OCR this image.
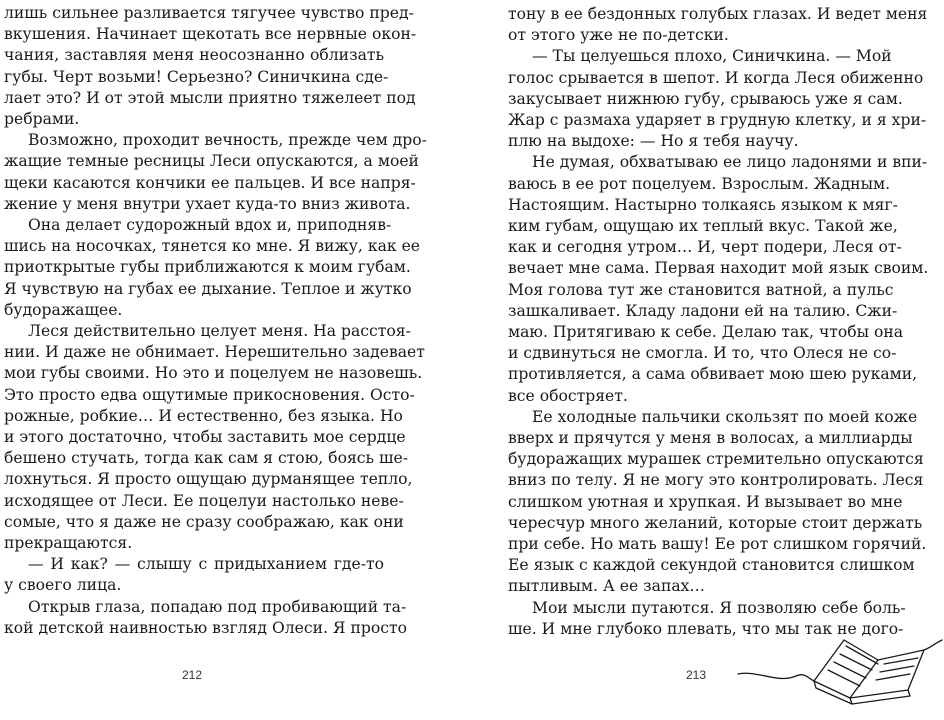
лишь сильнее разливается тягучее чувство пред-
вкушения. Начинает щекотать все нервные окон-
чания, заставляя меня неосознанно облизать
губы. Черт возьми! Серьезно? Синичкина сде-
лает это? И от этой мысли приятно тяжелеет под
ребрами.
Возможно, проходит вечность, прежде чем дро-
жащие темные ресницы Леси опускаются, а моей
щеки касаются кончики ее пальцев. И все напря-
жение у меня внутри ухает куда-то вниз живота.
Она делает судорожный вдох и, приподняв-
шись на носочках, тянется ко мне. Я вижу, как ее
приоткрытые губы приближаются к моим губам.
Я чувствую на губах ее дыхание. Теплое и жутко
будоражащее.
Леся действительно целует меня. На расстоя-
нии. И даже не обнимает. Нерешительно задевает
мои губы своими. Но это и поцелуем не назовешь.
Это просто едва ощутимые прикосновения. Осто-
рожные, робкие… И естественно, без языка. Но
и этого достаточно, чтобы заставить мое сердце
бешено стучать, тогда как сам я стою, боясь ше-
лохнуться. Я просто ощущаю дурманящее тепло,
исходящее от Леси. Ее поцелуи настолько неве-
сомые, что я даже не сразу соображаю, как они
прекращаются.
— И как? — слышу с придыханием где-то
у своего лица.
Открыв глаза, попадаю под пробивающий та-
кой детской наивностью взгляд Олеси. Я просто
тону в ее бездонных голубых глазах. И ведет меня
от этого уже не по-детски.
— Ты целуешься плохо, Синичкина. — Мой
голос срывается в шепот. И когда Леся обиженно
закусывает нижнюю губу, срываюсь уже я сам.
Жар с размаха ударяет в грудную клетку, и я хри-
плю на выдохе: — Но я тебя научу.
Не думая, обхватываю ее лицо ладонями и впи-
ваюсь в ее рот поцелуем. Взрослым. Жадным.
Настоящим. Настырно толкаясь языком к мяг-
ким губам, ощущаю их теплый вкус. Такой же,
как и сегодня утром… И, черт подери, Леся от-
вечает мне сама. Первая находит мой язык своим.
Моя голова тут же становится ватной, а пульс
зашкаливает. Кладу ладони ей на талию. Сжи-
маю. Притягиваю к себе. Делаю так, чтобы она
и сдвинуться не смогла. И то, что Олеся не со-
противляется, а сама обвивает мою шею руками,
все обостряет.
Ее холодные пальчики скользят по моей коже
вверх и прячутся у меня в волосах, а миллиарды
будоражащих мурашек стремительно опускаются
вниз по телу. Я не могу это контролировать. Леся
слишком уютная и хрупкая. И вызывает во мне
чересчур много желаний, которые стоит держать
при себе. Но мать вашу! Ее рот слишком горячий.
Ее язык с каждой секундой становится слишком
пытливым. А ее запах…
Мои мысли путаются. Я позволяю себе боль-
ше. И мне глубоко плевать, что мы так не дого-
212	213
